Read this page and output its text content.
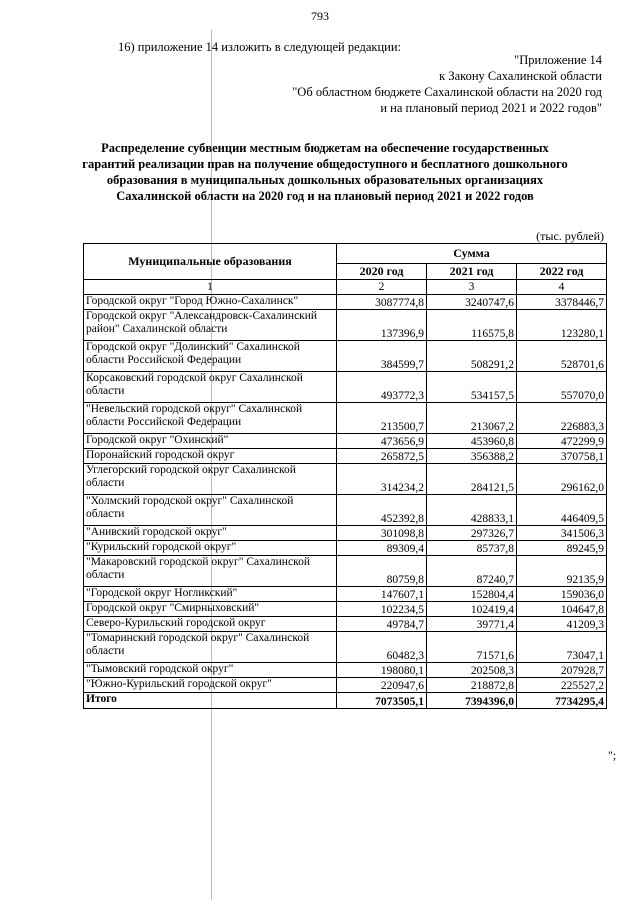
793
16) приложение 14 изложить в следующей редакции:
"Приложение 14
к Закону Сахалинской области
"Об областном бюджете Сахалинской области на 2020 год
и на плановый период 2021 и 2022 годов"
Распределение субвенции местным бюджетам на обеспечение государственных
гарантий реализации прав на получение общедоступного и бесплатного дошкольного
образования в муниципальных дошкольных образовательных организациях
Сахалинской области на 2020 год и на плановый период 2021 и 2022 годов
(тыс. рублей)
Муниципальные образования	Сумма		
	2020 год	2021 год	2022 год
1	2	3	4
Городской округ "Город Южно-Сахалинск"	3087774,8	3240747,6	3378446,7
Городской округ "Александровск-Сахалинский район" Сахалинской области	137396,9	116575,8	123280,1
Городской округ "Долинский" Сахалинской области Российской Федерации	384599,7	508291,2	528701,6
Корсаковский городской округ Сахалинской области	493772,3	534157,5	557070,0
"Невельский городской округ" Сахалинской области Российской Федерации	213500,7	213067,2	226883,3
Городской округ "Охинский"	473656,9	453960,8	472299,9
Поронайский городской округ	265872,5	356388,2	370758,1
Углегорский городской округ Сахалинской области	314234,2	284121,5	296162,0
"Холмский городской округ" Сахалинской области	452392,8	428833,1	446409,5
"Анивский городской округ"	301098,8	297326,7	341506,3
"Курильский городской округ"	89309,4	85737,8	89245,9
"Макаровский городской округ" Сахалинской области	80759,8	87240,7	92135,9
"Городской округ Ногликский"	147607,1	152804,4	159036,0
Городской округ "Смирныховский"	102234,5	102419,4	104647,8
Северо-Курильский городской округ	49784,7	39771,4	41209,3
"Томаринский городской округ" Сахалинской области	60482,3	71571,6	73047,1
"Тымовский городской округ"	198080,1	202508,3	207928,7
"Южно-Курильский городской округ"	220947,6	218872,8	225527,2
Итого	7073505,1	7394396,0	7734295,4
";
